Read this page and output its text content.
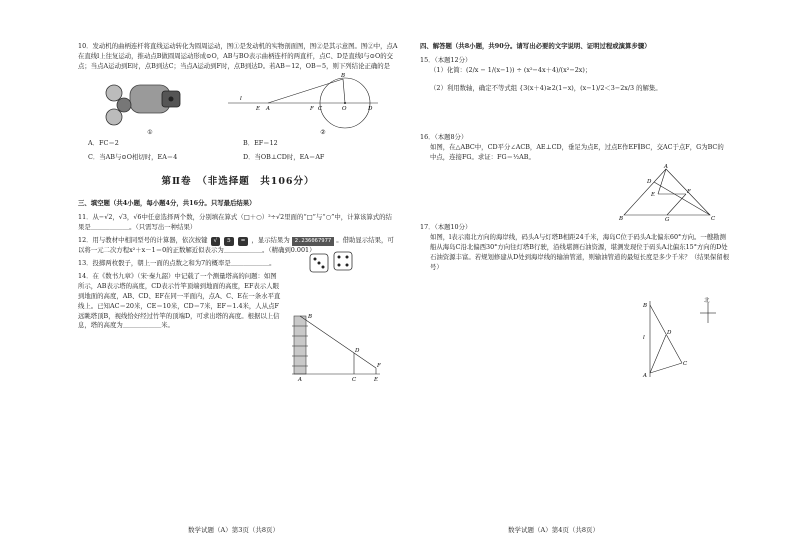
10．发动机的曲柄连杆将直线运动转化为圆周运动，图①是发动机的实物剖面图，图②是其示意图。图②中，点A在直线l上往复运动，推动点B做圆周运动形成⊙O，AB与BO表示曲柄连杆的两直杆，点C、D是直线l与⊙O的交点；当点A运动到E时，点B到达C；当点A运动到F时，点B到达D。若AB＝12，OB＝5，则下列结论正确的是
①
B
l
E A	F C	O	D
②
A．FC＝2	B．EF＝12
C．当AB与⊙O相切时，EA＝4	D．当OB⊥CD时，EA＝AF
第Ⅱ卷　（非选择题　共106分）
三、填空题（共4小题，每小题4分，共16分。只写最后结果）
11．从−√2，√3，√6中任意选择两个数，分别填在算式（□＋○）²÷√2里面的“□”与“○”中，计算该算式的结果是＿＿＿＿＿＿。（只需写出一种结果）
12．用与教材中相同型号的计算器，依次按键 √ 5 = ，显示结果为 2.236067977 。借助显示结果，可以将一元二次方程x²＋x－1＝0的正数解近似表示为＿＿＿＿＿＿。（精确到0.001）
13．投掷两枚骰子，朝上一面的点数之和为7的概率是＿＿＿＿＿＿。
14．在《数书九章》（宋·秦九韶）中记载了一个测量塔高的问题：如图所示，AB表示塔的高度，CD表示竹竿顶端到地面的高度，EF表示人眼到地面的高度，AB、CD、EF在同一平面内，点A、C、E在一条水平直线上。已知AC＝20米，CE＝10米，CD＝7米，EF＝1.4米，人从点F远眺塔顶B，视线恰好经过竹竿的顶端D，可求出塔的高度。根据以上信息，塔的高度为＿＿＿＿＿＿米。
B
D
F
A	C	E
数学试题（A）第3页（共8页）
四、解答题（共8小题，共90分。请写出必要的文字说明、证明过程或演算步骤）
15．（本题12分）
（1）化简：(2/x − 1/(x−1)) ÷ (x²−4x＋4)/(x²−2x)；
（2）利用数轴，确定不等式组 {3(x＋4)≥2(1−x)，(x−1)/2＜3−2x/3 的解集。
16．（本题8分）
如图，在△ABC中，CD平分∠ACB，AE⊥CD，垂足为点E，过点E作EF∥BC，交AC于点F，G为BC的中点，连接FG。求证：FG＝½AB。
A
D
E	F
B	G	C
17．（本题10分）
如图，l表示南北方向的海岸线，码头A与灯塔B相距24千米，海岛C位于码头A北偏东60°方向。一艘勘测船从海岛C沿北偏西30°方向往灯塔B行驶，沿线堪测石油资源，堪测发现位于码头A北偏东15°方向的D处石油资源丰富。若规划修建从D处到海岸线的输油管道，则输油管道的最短长度是多少千米？（结果保留根号）
北
B
l
D
C
A
数学试题（A）第4页（共8页）
